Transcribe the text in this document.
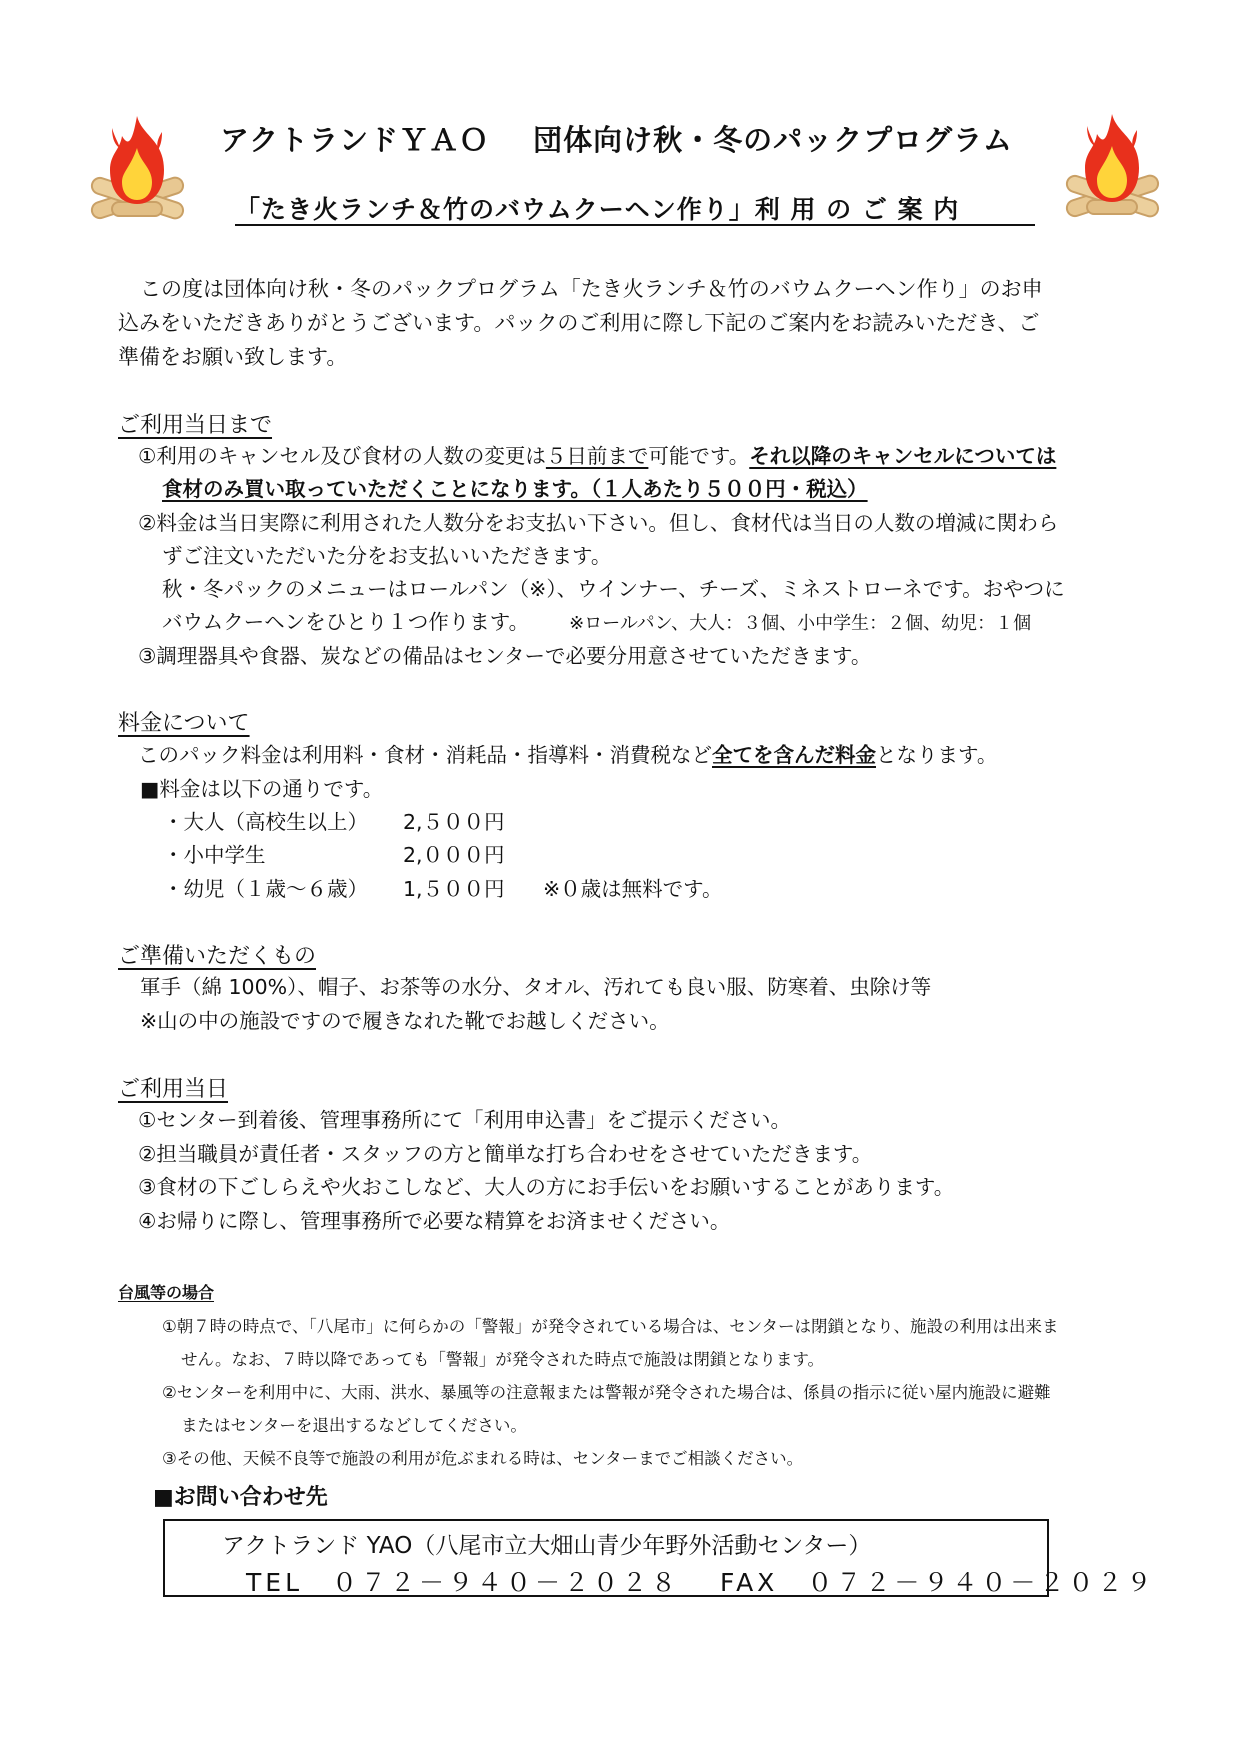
アクトランドＹＡＯ 団体向け秋・冬のパックプログラム
「たき火ランチ＆竹のバウムクーヘン作り」利 用 の ご 案 内

この度は団体向け秋・冬のパックプログラム「たき火ランチ＆竹のバウムクーヘン作り」のお申

込みをいただきありがとうございます。パックのご利用に際し下記のご案内をお読みいただき、ご

準備をお願い致します。

ご利用当日まで
①利用のキャンセル及び食材の人数の変更は５日前まで可能です。それ以降のキャンセルについては
食材のみ買い取っていただくことになります。（１人あたり５００円・税込）
②料金は当日実際に利用された人数分をお支払い下さい。但し、食材代は当日の人数の増減に関わら
ずご注文いただいた分をお支払いいただきます。
秋・冬パックのメニューはロールパン（※）、ウインナー、チーズ、ミネストローネです。おやつに
バウムクーヘンをひとり１つ作ります。 ※ロールパン、大人：３個、小中学生：２個、幼児：１個
③調理器具や食器、炭などの備品はセンターで必要分用意させていただきます。
料金について
このパック料金は利用料・食材・消耗品・指導料・消費税など全てを含んだ料金となります。
■料金は以下の通りです。
・大人（高校生以上） 2,５００円
・小中学生	2,０００円
・幼児（１歳～６歳） 1,５００円 ※０歳は無料です。
ご準備いただくもの
軍手（綿 100%）、帽子、お茶等の水分、タオル、汚れても良い服、防寒着、虫除け等
※山の中の施設ですので履きなれた靴でお越しください。
ご利用当日
①センター到着後、管理事務所にて「利用申込書」をご提示ください。
②担当職員が責任者・スタッフの方と簡単な打ち合わせをさせていただきます。
③食材の下ごしらえや火おこしなど、大人の方にお手伝いをお願いすることがあります。
④お帰りに際し、管理事務所で必要な精算をお済ませください。
台風等の場合
①朝７時の時点で、「八尾市」に何らかの「警報」が発令されている場合は、センターは閉鎖となり、施設の利用は出来ま
せん。なお、７時以降であっても「警報」が発令された時点で施設は閉鎖となります。
②センターを利用中に、大雨、洪水、暴風等の注意報または警報が発令された場合は、係員の指示に従い屋内施設に避難
またはセンターを退出するなどしてください。
③その他、天候不良等で施設の利用が危ぶまれる時は、センターまでご相談ください。
■お問い合わせ先
アクトランド YAO（八尾市立大畑山青少年野外活動センター）
TEL　０７２－９４０－２０２８ FAX　０７２－９４０－２０２９
